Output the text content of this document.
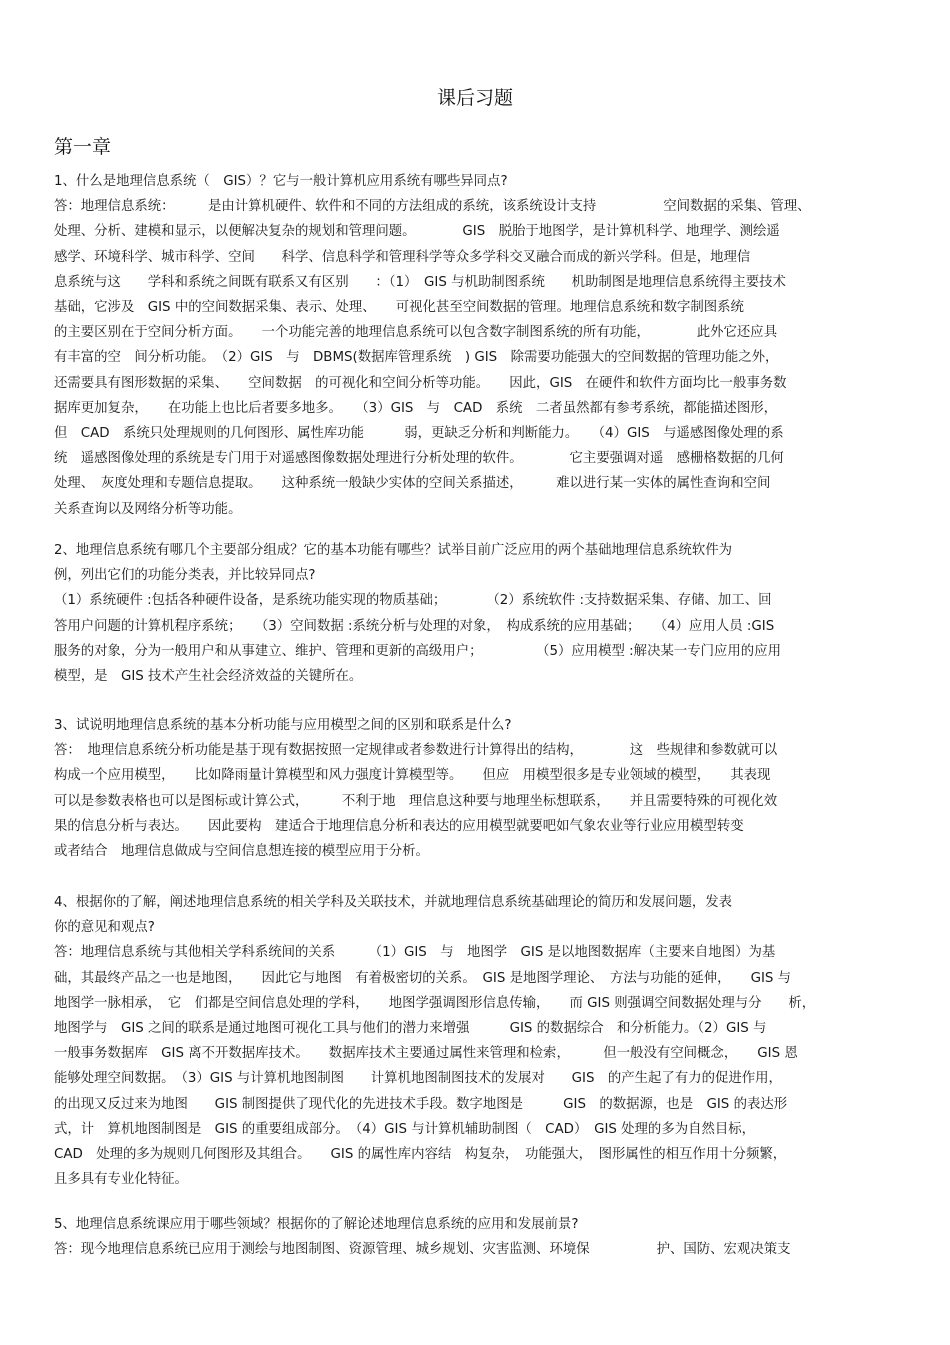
课后习题
第一章
1、什么是地理信息系统（　GIS）？它与一般计算机应用系统有哪些异同点?
答：地理信息系统：　　　是由计算机硬件、软件和不同的方法组成的系统，该系统设计支持　　　　　空间数据的采集、管理、
处理、分析、建模和显示，以便解决复杂的规划和管理问题。　　　　GIS　脱胎于地图学，是计算机科学、地理学、测绘遥
感学、环境科学、城市科学、空间　　科学、信息科学和管理科学等众多学科交叉融合而成的新兴学科。但是，地理信
息系统与这　　学科和系统之间既有联系又有区别　　：（1）　GIS 与机助制图系统　　机助制图是地理信息系统得主要技术
基础，它涉及　GIS 中的空间数据采集、表示、处理、　　可视化甚至空间数据的管理。地理信息系统和数字制图系统
的主要区别在于空间分析方面。　　一个功能完善的地理信息系统可以包含数字制图系统的所有功能，　　　　此外它还应具
有丰富的空　间分析功能。　（2）GIS　与　DBMS(数据库管理系统　) GIS　除需要功能强大的空间数据的管理功能之外，
还需要具有图形数据的采集、　　空间数据　的可视化和空间分析等功能。　　因此，GIS　在硬件和软件方面均比一般事务数
据库更加复杂，　　在功能上也比后者要多地多。　　（3）GIS　与　CAD　系统　二者虽然都有参考系统，都能描述图形，
但　CAD　系统只处理规则的几何图形、属性库功能　　　弱，更缺乏分析和判断能力。　　（4）GIS　与遥感图像处理的系
统　遥感图像处理的系统是专门用于对遥感图像数据处理进行分析处理的软件。　　　　它主要强调对遥　感栅格数据的几何
处理、　灰度处理和专题信息提取。　　这种系统一般缺少实体的空间关系描述，　　　难以进行某一实体的属性查询和空间
关系查询以及网络分析等功能。
2、地理信息系统有哪几个主要部分组成？它的基本功能有哪些？试举目前广泛应用的两个基础地理信息系统软件为
例，列出它们的功能分类表，并比较异同点?
（1）系统硬件 :包括各种硬件设备，是系统功能实现的物质基础；　　　　（2）系统软件 :支持数据采集、存储、加工、回
答用户问题的计算机程序系统；　　（3）空间数据 :系统分析与处理的对象，　构成系统的应用基础；　　（4）应用人员 :GIS
服务的对象，分为一般用户和从事建立、维护、管理和更新的高级用户；　　　　　（5）应用模型 :解决某一专门应用的应用
模型，是　GIS 技术产生社会经济效益的关键所在。
3、试说明地理信息系统的基本分析功能与应用模型之间的区别和联系是什么?
答：　地理信息系统分析功能是基于现有数据按照一定规律或者参数进行计算得出的结构，　　　　这　些规律和参数就可以
构成一个应用模型，　　比如降雨量计算模型和风力强度计算模型等。　　但应　用模型很多是专业领域的模型，　　其表现
可以是参数表格也可以是图标或计算公式，　　　不利于地　理信息这种要与地理坐标想联系，　　并且需要特殊的可视化效
果的信息分析与表达。　　因此要构　建适合于地理信息分析和表达的应用模型就要吧如气象农业等行业应用模型转变
或者结合　地理信息做成与空间信息想连接的模型应用于分析。
4、根据你的了解，阐述地理信息系统的相关学科及关联技术，并就地理信息系统基础理论的简历和发展问题，发表
你的意见和观点?
答：地理信息系统与其他相关学科系统间的关系　　　（1）GIS　与　地图学　GIS 是以地图数据库（主要来自地图）为基
础，其最终产品之一也是地图，　　因此它与地图　有着极密切的关系。　GIS 是地图学理论、　方法与功能的延伸，　　GIS 与
地图学一脉相承，　它　们都是空间信息处理的学科，　　地图学强调图形信息传输，　　而 GIS 则强调空间数据处理与分　　析，
地图学与　GIS 之间的联系是通过地图可视化工具与他们的潜力来增强　　　GIS 的数据综合　和分析能力。（2）GIS 与
一般事务数据库　GIS 离不开数据库技术。　　数据库技术主要通过属性来管理和检索，　　　但一般没有空间概念，　　GIS 恩
能够处理空间数据。　（3）GIS 与计算机地图制图　　计算机地图制图技术的发展对　　GIS　的产生起了有力的促进作用，
的出现又反过来为地图　　GIS 制图提供了现代化的先进技术手段。数字地图是　　　GIS　的数据源，也是　GIS 的表达形
式，计　算机地图制图是　GIS 的重要组成部分。　（4）GIS 与计算机辅助制图（　CAD）　GIS 处理的多为自然目标，
CAD　处理的多为规则几何图形及其组合。　　GIS 的属性库内容结　构复杂，　功能强大，　图形属性的相互作用十分频繁，
且多具有专业化特征。
5、地理信息系统课应用于哪些领域？根据你的了解论述地理信息系统的应用和发展前景?
答：现今地理信息系统已应用于测绘与地图制图、资源管理、城乡规划、灾害监测、环境保　　　　　护、国防、宏观决策支
